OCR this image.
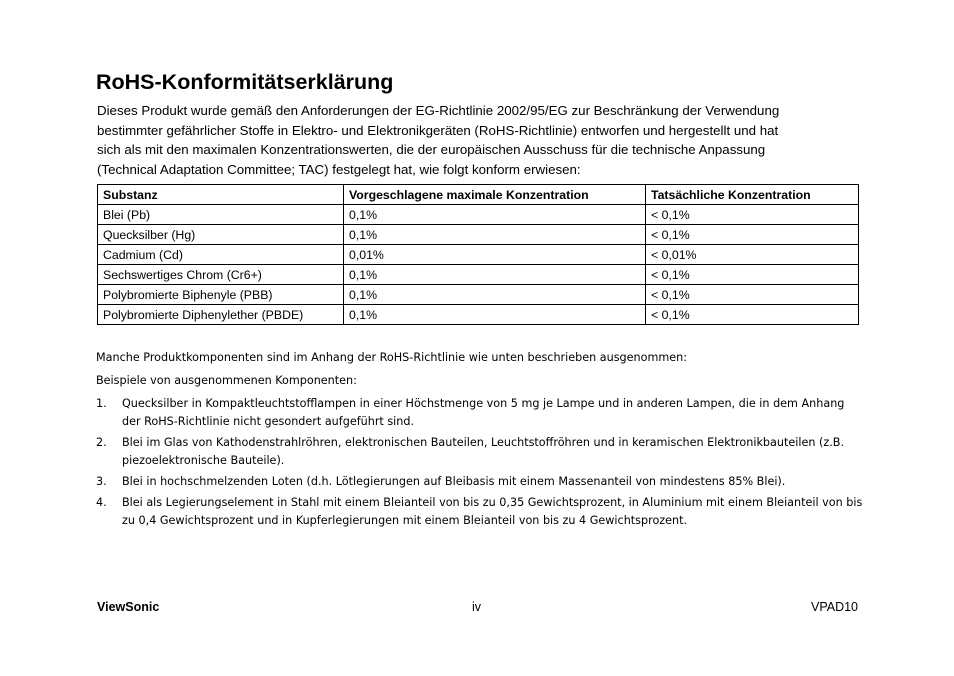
RoHS-Konformitätserklärung
Dieses Produkt wurde gemäß den Anforderungen der EG-Richtlinie 2002/95/EG zur Beschränkung der Verwendung
bestimmter gefährlicher Stoffe in Elektro- und Elektronikgeräten (RoHS-Richtlinie) entworfen und hergestellt und hat
sich als mit den maximalen Konzentrationswerten, die der europäischen Ausschuss für die technische Anpassung
(Technical Adaptation Committee; TAC) festgelegt hat, wie folgt konform erwiesen:
Substanz	Vorgeschlagene maximale Konzentration	Tatsächliche Konzentration
Blei (Pb)	0,1%	< 0,1%
Quecksilber (Hg)	0,1%	< 0,1%
Cadmium (Cd)	0,01%	< 0,01%
Sechswertiges Chrom (Cr6+)	0,1%	< 0,1%
Polybromierte Biphenyle (PBB)	0,1%	< 0,1%
Polybromierte Diphenylether (PBDE)	0,1%	< 0,1%
Manche Produktkomponenten sind im Anhang der RoHS-Richtlinie wie unten beschrieben ausgenommen:
Beispiele von ausgenommenen Komponenten:
1. Quecksilber in Kompaktleuchtstofflampen in einer Höchstmenge von 5 mg je Lampe und in anderen Lampen, die in dem Anhang der RoHS-Richtlinie nicht gesondert aufgeführt sind.
2. Blei im Glas von Kathodenstrahlröhren, elektronischen Bauteilen, Leuchtstoffröhren und in keramischen Elektronikbauteilen (z.B. piezoelektronische Bauteile).
3. Blei in hochschmelzenden Loten (d.h. Lötlegierungen auf Bleibasis mit einem Massenanteil von mindestens 85% Blei).
4. Blei als Legierungselement in Stahl mit einem Bleianteil von bis zu 0,35 Gewichtsprozent, in Aluminium mit einem Bleianteil von bis zu 0,4 Gewichtsprozent und in Kupferlegierungen mit einem Bleianteil von bis zu 4 Gewichtsprozent.
ViewSonic	iv	VPAD10
